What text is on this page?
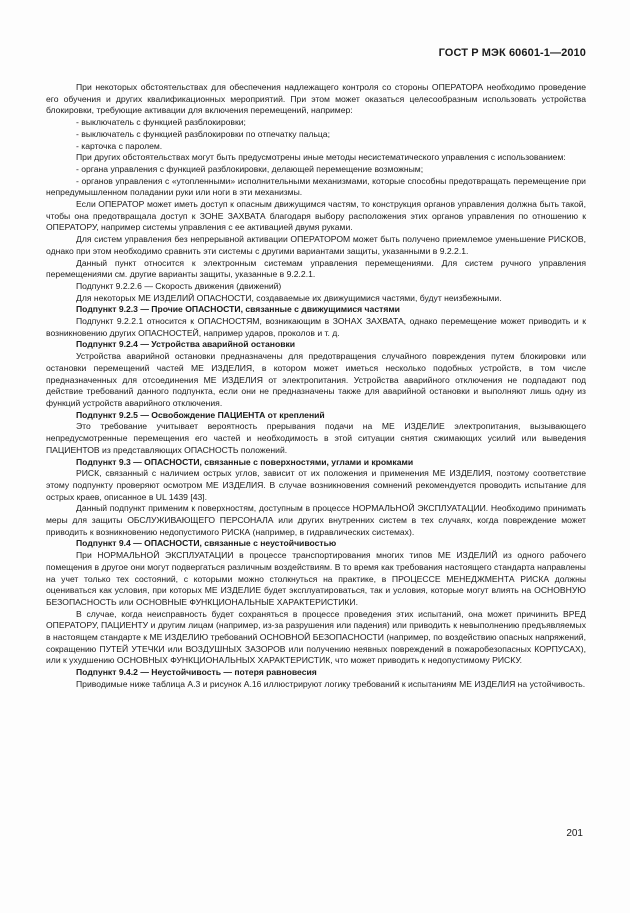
ГОСТ Р МЭК 60601-1—2010

При некоторых обстоятельствах для обеспечения надлежащего контроля со стороны ОПЕРАТОРА необходимо проведение его обучения и других квалификационных мероприятий. При этом может оказаться целесообразным использовать устройства блокировки, требующие активации для включения перемещений, например:

- выключатель с функцией разблокировки;

- выключатель с функцией разблокировки по отпечатку пальца;

- карточка с паролем.

При других обстоятельствах могут быть предусмотрены иные методы несистематического управления с использованием:

- органа управления с функцией разблокировки, делающей перемещение возможным;

- органов управления с «утопленными» исполнительными механизмами, которые способны предотвращать перемещение при непредумышленном поладании руки или ноги в эти механизмы.

Если ОПЕРАТОР может иметь доступ к опасным движущимся частям, то конструкция органов управления должна быть такой, чтобы она предотвращала доступ к ЗОНЕ ЗАХВАТА благодаря выбору расположения этих органов управления по отношению к ОПЕРАТОРУ, например системы управления с ее активацией двумя руками.

Для систем управления без непрерывной активации ОПЕРАТОРОМ может быть получено приемлемое уменьшение РИСКОВ, однако при этом необходимо сравнить эти системы с другими вариантами защиты, указанными в 9.2.2.1.

Данный пункт относится к электронным системам управления перемещениями. Для систем ручного управления перемещениями см. другие варианты защиты, указанные в 9.2.2.1.

Подпункт 9.2.2.6 — Скорость движения (движений)

Для некоторых МЕ ИЗДЕЛИЙ ОПАСНОСТИ, создаваемые их движущимися частями, будут неизбежными.

Подпункт 9.2.3 — Прочие ОПАСНОСТИ, связанные с движущимися частями

Подпункт 9.2.2.1 относится к ОПАСНОСТЯМ, возникающим в ЗОНАХ ЗАХВАТА, однако перемещение может приводить и к возникновению других ОПАСНОСТЕЙ, например ударов, проколов и т. д.

Подпункт 9.2.4 — Устройства аварийной остановки

Устройства аварийной остановки предназначены для предотвращения случайного повреждения путем блокировки или остановки перемещений частей МЕ ИЗДЕЛИЯ, в котором может иметься несколько подобных устройств, в том числе предназначенных для отсоединения МЕ ИЗДЕЛИЯ от электропитания. Устройства аварийного отключения не подпадают под действие требований данного подпункта, если они не предназначены также для аварийной остановки и выполняют лишь одну из функций устройств аварийного отключения.

Подпункт 9.2.5 — Освобождение ПАЦИЕНТА от креплений

Это требование учитывает вероятность прерывания подачи на МЕ ИЗДЕЛИЕ электропитания, вызывающего непредусмотренные перемещения его частей и необходимость в этой ситуации снятия сжимающих усилий или выведения ПАЦИЕНТОВ из представляющих ОПАСНОСТЬ положений.

Подпункт 9.3 — ОПАСНОСТИ, связанные с поверхностями, углами и кромками

РИСК, связанный с наличием острых углов, зависит от их положения и применения МЕ ИЗДЕЛИЯ, поэтому соответствие этому подпункту проверяют осмотром МЕ ИЗДЕЛИЯ. В случае возникновения сомнений рекомендуется проводить испытание для острых краев, описанное в UL 1439 [43].

Данный подпункт применим к поверхностям, доступным в процессе НОРМАЛЬНОЙ ЭКСПЛУАТАЦИИ. Необходимо принимать меры для защиты ОБСЛУЖИВАЮЩЕГО ПЕРСОНАЛА или других внутренних систем в тех случаях, когда повреждение может приводить к возникновению недопустимого РИСКА (например, в гидравлических системах).

Подпункт 9.4 — ОПАСНОСТИ, связанные с неустойчивостью

При НОРМАЛЬНОЙ ЭКСПЛУАТАЦИИ в процессе транспортирования многих типов МЕ ИЗДЕЛИЙ из одного рабочего помещения в другое они могут подвергаться различным воздействиям. В то время как требования настоящего стандарта направлены на учет только тех состояний, с которыми можно столкнуться на практике, в ПРОЦЕССЕ МЕНЕДЖМЕНТА РИСКА должны оцениваться как условия, при которых МЕ ИЗДЕЛИЕ будет эксплуатироваться, так и условия, которые могут влиять на ОСНОВНУЮ БЕЗОПАСНОСТЬ или ОСНОВНЫЕ ФУНКЦИОНАЛЬНЫЕ ХАРАКТЕРИСТИКИ.

В случае, когда неисправность будет сохраняться в процессе проведения этих испытаний, она может причинить ВРЕД ОПЕРАТОРУ, ПАЦИЕНТУ и другим лицам (например, из-за разрушения или падения) или приводить к невыполнению предъявляемых в настоящем стандарте к МЕ ИЗДЕЛИЮ требований ОСНОВНОЙ БЕЗОПАСНОСТИ (например, по воздействию опасных напряжений, сокращению ПУТЕЙ УТЕЧКИ или ВОЗДУШНЫХ ЗАЗОРОВ или получению неявных повреждений в пожаробезопасных КОРПУСАХ), или к ухудшению ОСНОВНЫХ ФУНКЦИОНАЛЬНЫХ ХАРАКТЕРИСТИК, что может приводить к недопустимому РИСКУ.

Подпункт 9.4.2 — Неустойчивость — потеря равновесия

Приводимые ниже таблица А.3 и рисунок А.16 иллюстрируют логику требований к испытаниям МЕ ИЗДЕЛИЯ на устойчивость.

201
